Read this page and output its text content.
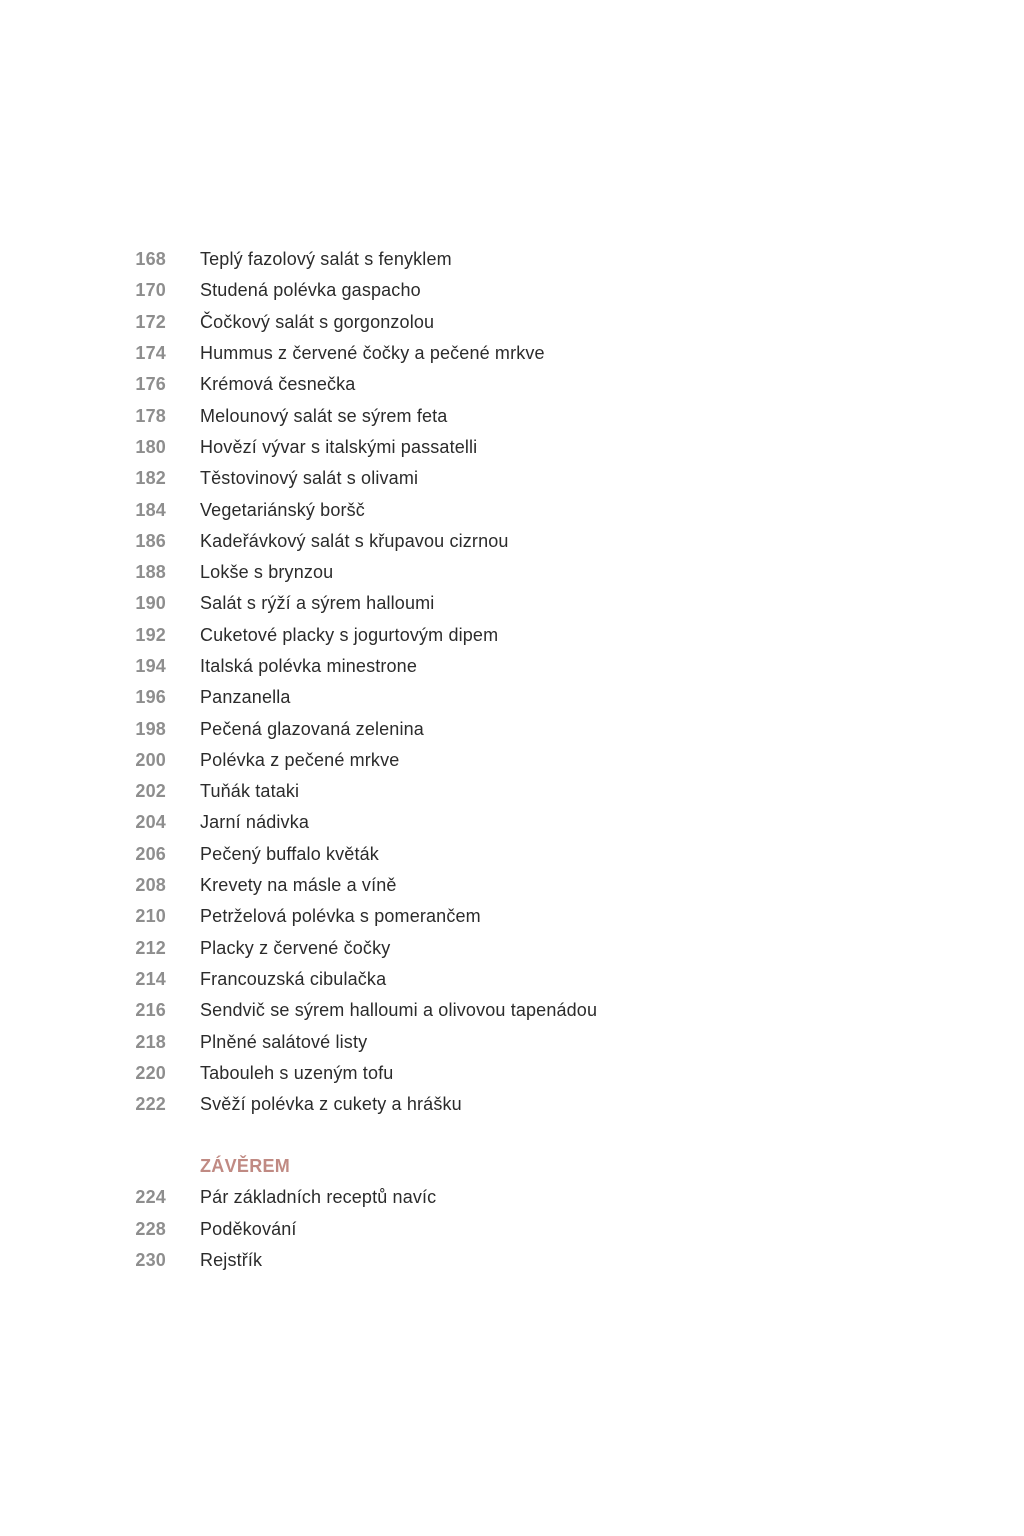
168 Teplý fazolový salát s fenyklem
170 Studená polévka gaspacho
172 Čočkový salát s gorgonzolou
174 Hummus z červené čočky a pečené mrkve
176 Krémová česnečka
178 Melounový salát se sýrem feta
180 Hovězí vývar s italskými passatelli
182 Těstovinový salát s olivami
184 Vegetariánský boršč
186 Kadeřávkový salát s křupavou cizrnou
188 Lokše s brynzou
190 Salát s rýží a sýrem halloumi
192 Cuketové placky s jogurtovým dipem
194 Italská polévka minestrone
196 Panzanella
198 Pečená glazovaná zelenina
200 Polévka z pečené mrkve
202 Tuňák tataki
204 Jarní nádivka
206 Pečený buffalo květák
208 Krevety na másle a víně
210 Petrželová polévka s pomerančem
212 Placky z červené čočky
214 Francouzská cibulačka
216 Sendvič se sýrem halloumi a olivovou tapenádou
218 Plněné salátové listy
220 Tabouleh s uzeným tofu
222 Svěží polévka z cukety a hrášku
ZÁVĚREM
224 Pár základních receptů navíc
228 Poděkování
230 Rejstřík
